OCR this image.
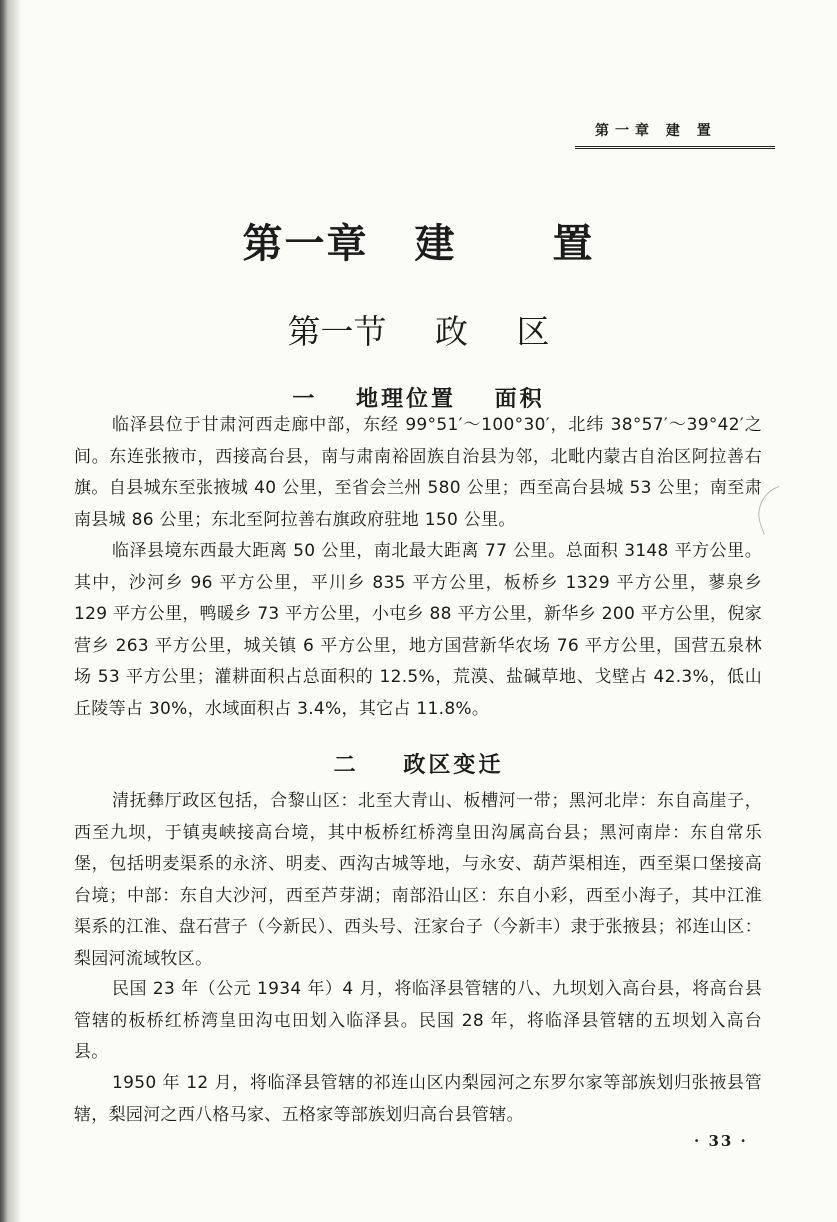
第一章 建 置
第一章 建 置
第一节 政 区
一 地理位置 面积

临泽县位于甘肃河西走廊中部，东经 99°51′～100°30′，北纬 38°57′～39°42′之间。东连张掖市，西接高台县，南与肃南裕固族自治县为邻，北毗内蒙古自治区阿拉善右旗。自县城东至张掖城 40 公里，至省会兰州 580 公里；西至高台县城 53 公里；南至肃南县城 86 公里；东北至阿拉善右旗政府驻地 150 公里。

临泽县境东西最大距离 50 公里，南北最大距离 77 公里。总面积 3148 平方公里。其中，沙河乡 96 平方公里，平川乡 835 平方公里，板桥乡 1329 平方公里，蓼泉乡 129 平方公里，鸭暖乡 73 平方公里，小屯乡 88 平方公里，新华乡 200 平方公里，倪家营乡 263 平方公里，城关镇 6 平方公里，地方国营新华农场 76 平方公里，国营五泉林场 53 平方公里；灌耕面积占总面积的 12.5%，荒漠、盐碱草地、戈壁占 42.3%，低山丘陵等占 30%，水域面积占 3.4%，其它占 11.8%。

二 政区变迁

清抚彝厅政区包括，合黎山区：北至大青山、板槽河一带；黑河北岸：东自高崖子，西至九坝，于镇夷峡接高台境，其中板桥红桥湾皇田沟属高台县；黑河南岸：东自常乐堡，包括明麦渠系的永济、明麦、西沟古城等地，与永安、葫芦渠相连，西至渠口堡接高台境；中部：东自大沙河，西至芦芽湖；南部沿山区：东自小彩，西至小海子，其中江淮渠系的江淮、盘石营子（今新民）、西头号、汪家台子（今新丰）隶于张掖县；祁连山区：梨园河流域牧区。

民国 23 年（公元 1934 年）4 月，将临泽县管辖的八、九坝划入高台县，将高台县管辖的板桥红桥湾皇田沟屯田划入临泽县。民国 28 年，将临泽县管辖的五坝划入高台县。

1950 年 12 月，将临泽县管辖的祁连山区内梨园河之东罗尔家等部族划归张掖县管辖，梨园河之西八格马家、五格家等部族划归高台县管辖。

· 33 ·
